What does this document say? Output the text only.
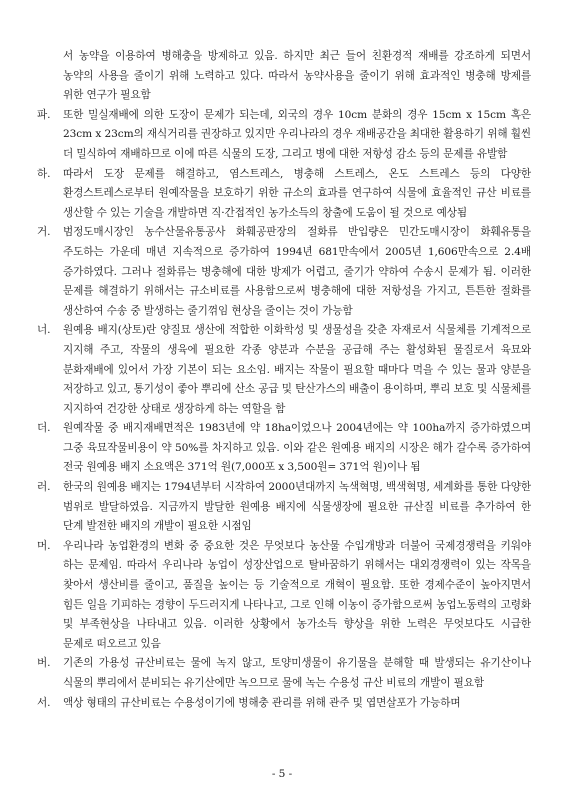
서 농약을 이용하여 병해충을 방제하고 있음. 하지만 최근 들어 친환경적 재배를 강조하게 되면서 농약의 사용을 줄이기 위해 노력하고 있다. 따라서 농약사용을 줄이기 위해 효과적인 병충해 방제를 위한 연구가 필요함
파.	또한 밀실재배에 의한 도장이 문제가 되는데, 외국의 경우 10cm 분화의 경우 15cm x 15cm 혹은 23cm x 23cm의 재식거리를 권장하고 있지만 우리나라의 경우 재배공간을 최대한 활용하기 위해 훨씬 더 밀식하여 재배하므로 이에 따른 식물의 도장, 그리고 병에 대한 저항성 감소 등의 문제를 유발함
하.	따라서 도장 문제를 해결하고, 염스트레스, 병충해 스트레스, 온도 스트레스 등의 다양한 환경스트레스로부터 원예작물을 보호하기 위한 규소의 효과를 연구하여 식물에 효율적인 규산 비료를 생산할 수 있는 기술을 개발하면 직·간접적인 농가소득의 창출에 도움이 될 것으로 예상됨
거.	범정도매시장인 농수산물유통공사 화훼공판장의 절화류 반입량은 민간도매시장이 화훼유통을 주도하는 가운데 매년 지속적으로 증가하여 1994년 681만속에서 2005년 1,606만속으로 2.4배 증가하였다. 그러나 절화류는 병충해에 대한 방제가 어렵고, 줄기가 약하여 수송시 문제가 됨. 이러한 문제를 해결하기 위해서는 규소비료를 사용함으로써 병충해에 대한 저항성을 가지고, 튼튼한 절화를 생산하여 수송 중 발생하는 줄기꺾임 현상을 줄이는 것이 가능함
너.	원예용 배지(상토)란 양질묘 생산에 적합한 이화학성 및 생물성을 갖춘 자재로서 식물체를 기계적으로 지지해 주고, 작물의 생육에 필요한 각종 양분과 수분을 공급해 주는 활성화된 물질로서 육묘와 분화재배에 있어서 가장 기본이 되는 요소임. 배지는 작물이 필요할 때마다 먹을 수 있는 물과 양분을 저장하고 있고, 통기성이 좋아 뿌리에 산소 공급 및 탄산가스의 배출이 용이하며, 뿌리 보호 및 식물체를 지지하여 건강한 상태로 생장하게 하는 역할을 함
더.	원예작물 중 배지재배면적은 1983년에 약 18ha이었으나 2004년에는 약 100ha까지 증가하였으며 그중 육묘작물비용이 약 50%를 차지하고 있음. 이와 같은 원예용 배지의 시장은 해가 갈수록 증가하여 전국 원예용 배지 소요액은 371억 원(7,000포 x 3,500원= 371억 원)이나 됨
러.	한국의 원예용 배지는 1794년부터 시작하여 2000년대까지 녹색혁명, 백색혁명, 세계화를 통한 다양한 범위로 발달하였음. 지금까지 발달한 원예용 배지에 식물생장에 필요한 규산질 비료를 추가하여 한 단계 발전한 배지의 개발이 필요한 시점임
머.	우리나라 농업환경의 변화 중 중요한 것은 무엇보다 농산물 수입개방과 더불어 국제경쟁력을 키워야 하는 문제임. 따라서 우리나라 농업이 성장산업으로 탈바꿈하기 위해서는 대외경쟁력이 있는 작목을 찾아서 생산비를 줄이고, 품질을 높이는 등 기술적으로 개혁이 필요함. 또한 경제수준이 높아지면서 힘든 일을 기피하는 경향이 두드러지게 나타나고, 그로 인해 이농이 증가함으로써 농업노동력의 고령화 및 부족현상을 나타내고 있음. 이러한 상황에서 농가소득 향상을 위한 노력은 무엇보다도 시급한 문제로 떠오르고 있음
버.	기존의 가용성 규산비료는 물에 녹지 않고, 토양미생물이 유기물을 분해할 때 발생되는 유기산이나 식물의 뿌리에서 분비되는 유기산에만 녹으므로 물에 녹는 수용성 규산 비료의 개발이 필요함
서.	액상 형태의 규산비료는 수용성이기에 병해충 관리를 위해 관주 및 엽면살포가 가능하며
- 5 -
